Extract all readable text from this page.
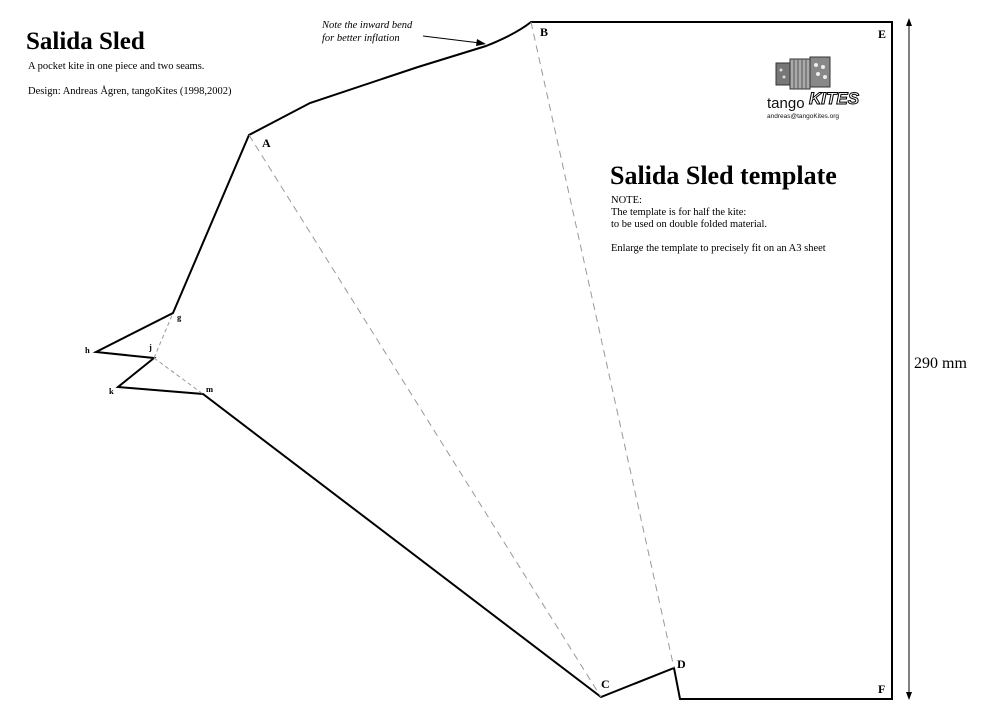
Salida Sled
A pocket kite in one piece and two seams.
Design: Andreas Ågren, tangoKites (1998,2002)
Note the inward bend
for better inflation
Salida Sled template
NOTE:
The template is for half the kite:
to be used on double folded material.
Enlarge the template to precisely fit on an A3 sheet
tango KITES
andreas@tangoKites.org
290 mm
A
B
C
D
E
F
g
h	j
k	m
